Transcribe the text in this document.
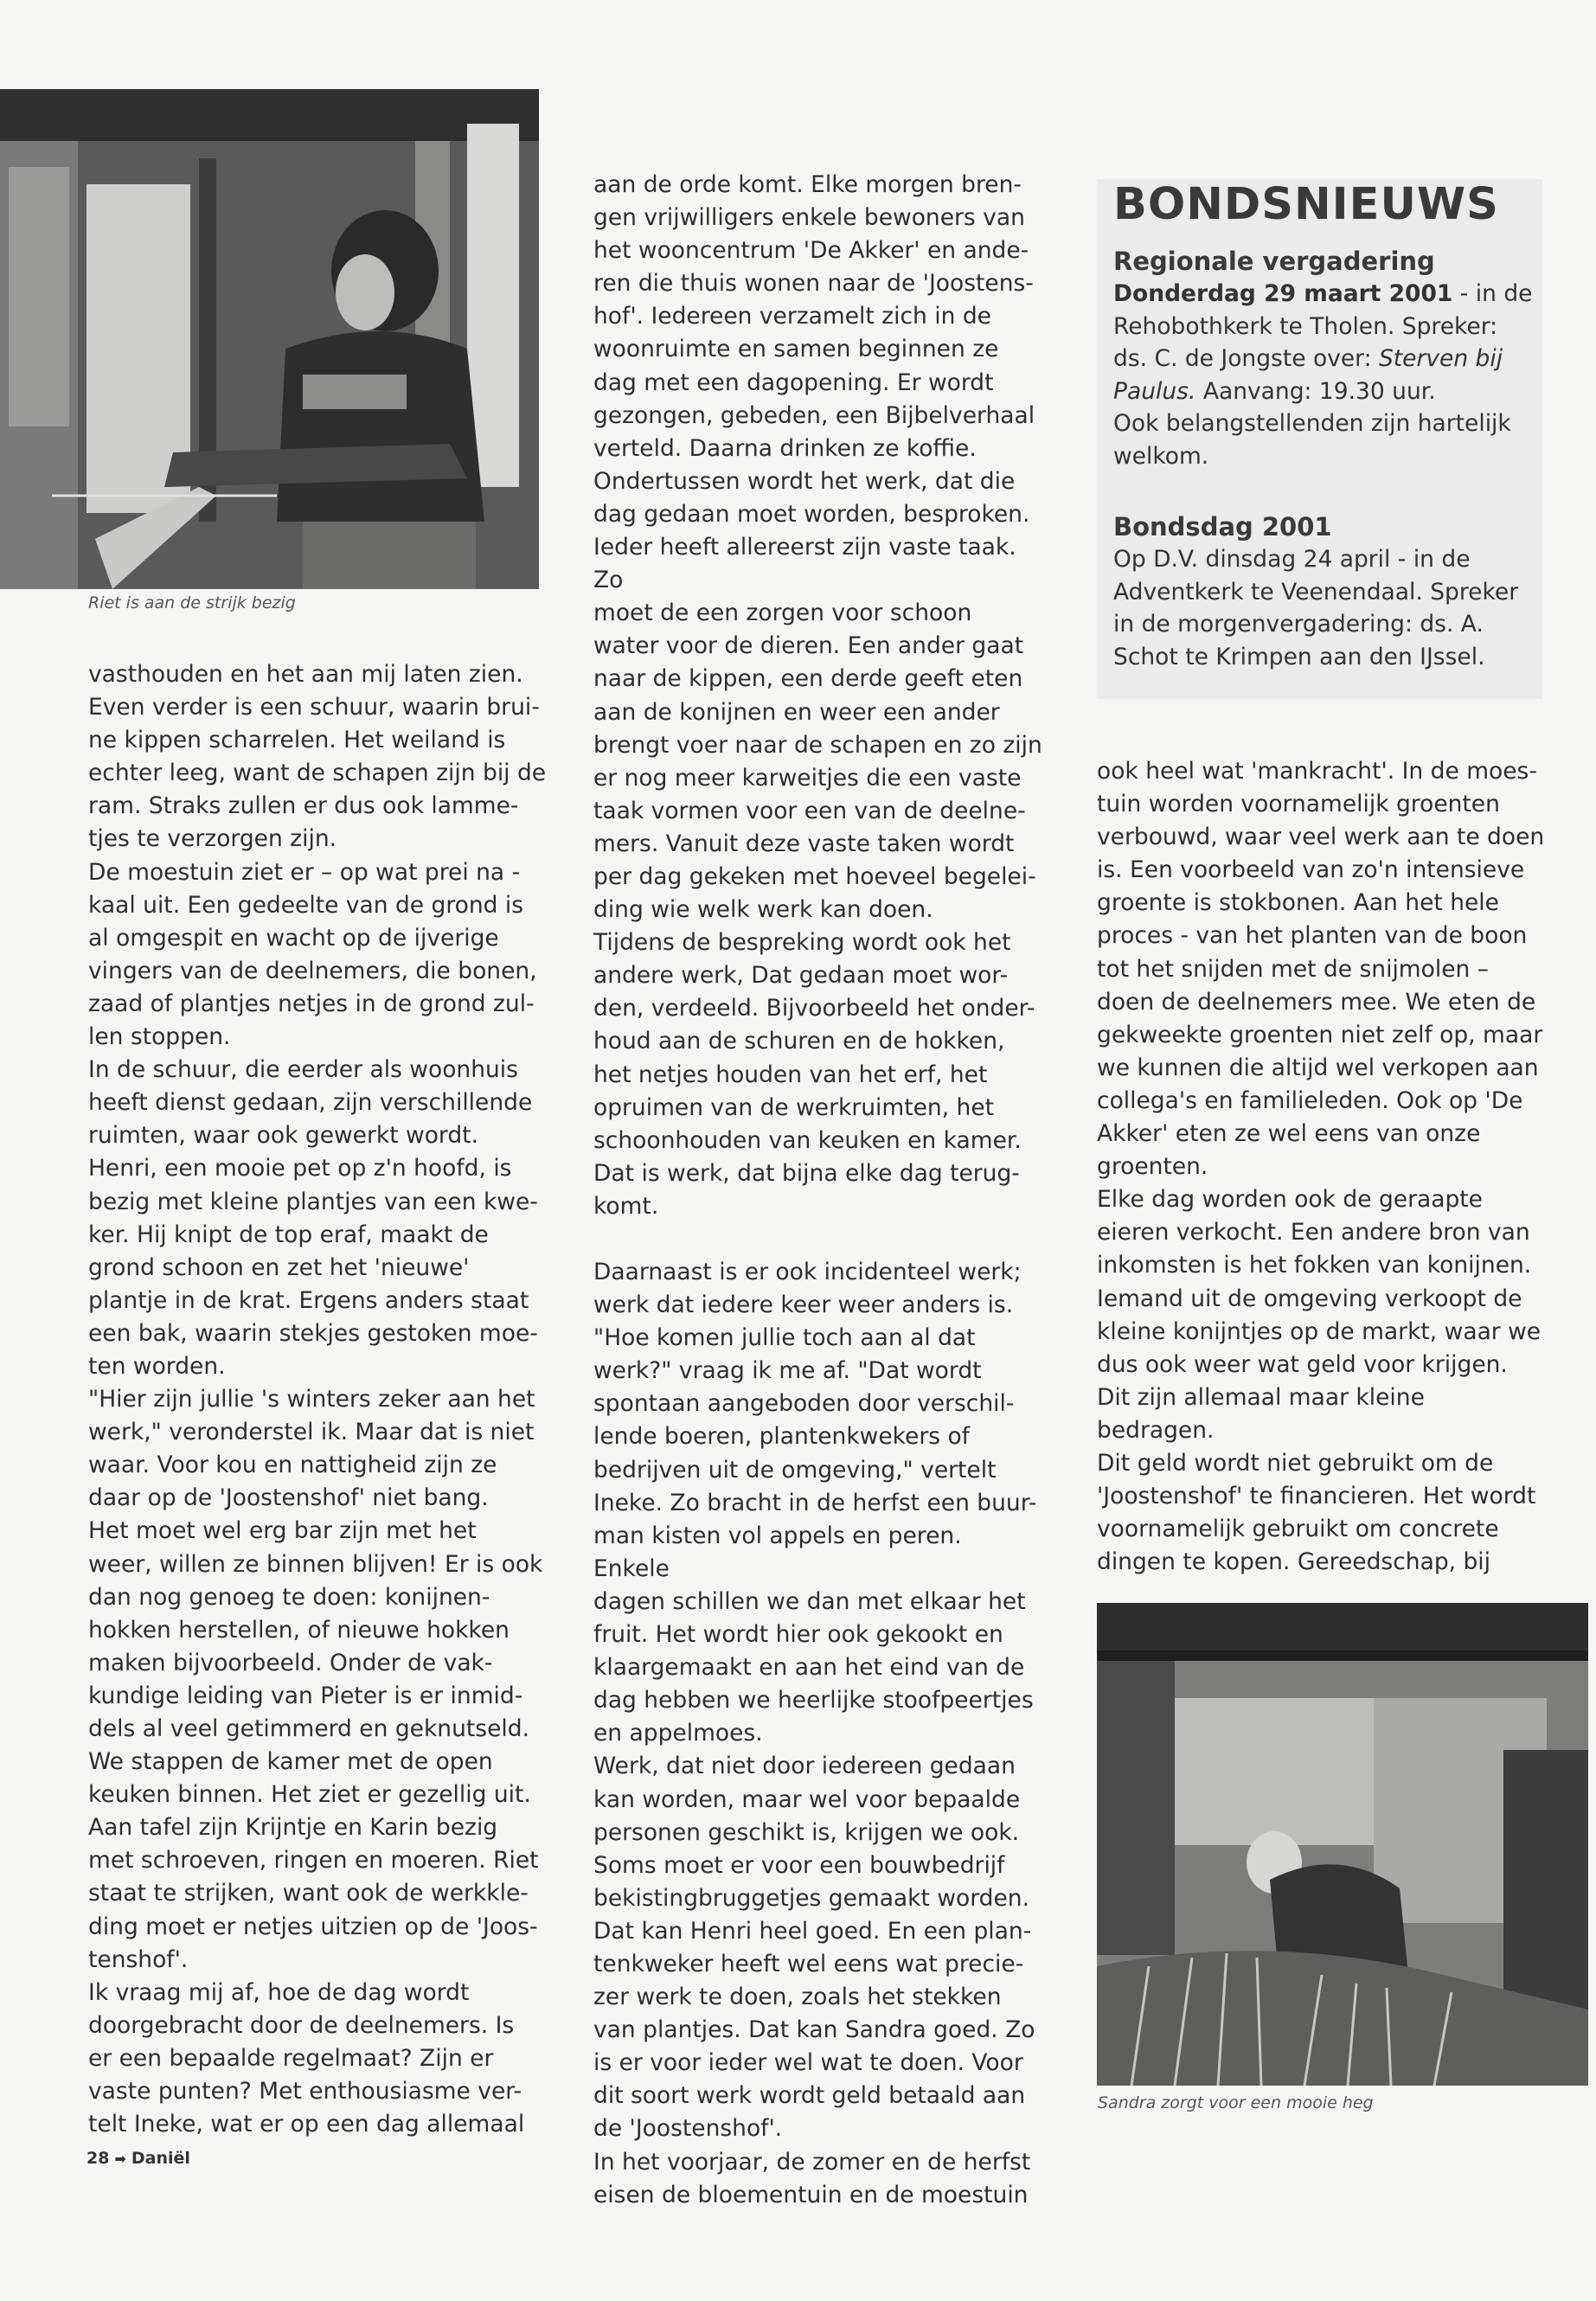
Riet is aan de strijk bezig

vasthouden en het aan mij laten zien.
Even verder is een schuur, waarin brui-
ne kippen scharrelen. Het weiland is
echter leeg, want de schapen zijn bij de
ram. Straks zullen er dus ook lamme-
tjes te verzorgen zijn.
De moestuin ziet er – op wat prei na -
kaal uit. Een gedeelte van de grond is
al omgespit en wacht op de ijverige
vingers van de deelnemers, die bonen,
zaad of plantjes netjes in de grond zul-
len stoppen.
In de schuur, die eerder als woonhuis
heeft dienst gedaan, zijn verschillende
ruimten, waar ook gewerkt wordt.
Henri, een mooie pet op z'n hoofd, is
bezig met kleine plantjes van een kwe-
ker. Hij knipt de top eraf, maakt de
grond schoon en zet het 'nieuwe'
plantje in de krat. Ergens anders staat
een bak, waarin stekjes gestoken moe-
ten worden.
"Hier zijn jullie 's winters zeker aan het
werk," veronderstel ik. Maar dat is niet
waar. Voor kou en nattigheid zijn ze
daar op de 'Joostenshof' niet bang.
Het moet wel erg bar zijn met het
weer, willen ze binnen blijven! Er is ook
dan nog genoeg te doen: konijnen-
hokken herstellen, of nieuwe hokken
maken bijvoorbeeld. Onder de vak-
kundige leiding van Pieter is er inmid-
dels al veel getimmerd en geknutseld.
We stappen de kamer met de open
keuken binnen. Het ziet er gezellig uit.
Aan tafel zijn Krijntje en Karin bezig
met schroeven, ringen en moeren. Riet
staat te strijken, want ook de werkkle-
ding moet er netjes uitzien op de 'Joos-
tenshof'.
Ik vraag mij af, hoe de dag wordt
doorgebracht door de deelnemers. Is
er een bepaalde regelmaat? Zijn er
vaste punten? Met enthousiasme ver-
telt Ineke, wat er op een dag allemaal

aan de orde komt. Elke morgen bren-
gen vrijwilligers enkele bewoners van
het wooncentrum 'De Akker' en ande-
ren die thuis wonen naar de 'Joostens-
hof'. Iedereen verzamelt zich in de
woonruimte en samen beginnen ze
dag met een dagopening. Er wordt
gezongen, gebeden, een Bijbelverhaal
verteld. Daarna drinken ze koffie.
Ondertussen wordt het werk, dat die
dag gedaan moet worden, besproken.
Ieder heeft allereerst zijn vaste taak. Zo
moet de een zorgen voor schoon
water voor de dieren. Een ander gaat
naar de kippen, een derde geeft eten
aan de konijnen en weer een ander
brengt voer naar de schapen en zo zijn
er nog meer karweitjes die een vaste
taak vormen voor een van de deelne-
mers. Vanuit deze vaste taken wordt
per dag gekeken met hoeveel begelei-
ding wie welk werk kan doen.
Tijdens de bespreking wordt ook het
andere werk, Dat gedaan moet wor-
den, verdeeld. Bijvoorbeeld het onder-
houd aan de schuren en de hokken,
het netjes houden van het erf, het
opruimen van de werkruimten, het
schoonhouden van keuken en kamer.
Dat is werk, dat bijna elke dag terug-
komt.

Daarnaast is er ook incidenteel werk;
werk dat iedere keer weer anders is.
"Hoe komen jullie toch aan al dat
werk?" vraag ik me af. "Dat wordt
spontaan aangeboden door verschil-
lende boeren, plantenkwekers of
bedrijven uit de omgeving," vertelt
Ineke. Zo bracht in de herfst een buur-
man kisten vol appels en peren. Enkele
dagen schillen we dan met elkaar het
fruit. Het wordt hier ook gekookt en
klaargemaakt en aan het eind van de
dag hebben we heerlijke stoofpeertjes
en appelmoes.
Werk, dat niet door iedereen gedaan
kan worden, maar wel voor bepaalde
personen geschikt is, krijgen we ook.
Soms moet er voor een bouwbedrijf
bekistingbruggetjes gemaakt worden.
Dat kan Henri heel goed. En een plan-
tenkweker heeft wel eens wat precie-
zer werk te doen, zoals het stekken
van plantjes. Dat kan Sandra goed. Zo
is er voor ieder wel wat te doen. Voor
dit soort werk wordt geld betaald aan
de 'Joostenshof'.
In het voorjaar, de zomer en de herfst
eisen de bloementuin en de moestuin

BONDSNIEUWS
Regionale vergadering

Donderdag 29 maart 2001 - in de
Rehobothkerk te Tholen. Spreker:
ds. C. de Jongste over: Sterven bij
Paulus. Aanvang: 19.30 uur.
Ook belangstellenden zijn hartelijk
welkom.

Bondsdag 2001

Op D.V. dinsdag 24 april - in de
Adventkerk te Veenendaal. Spreker
in de morgenvergadering: ds. A.
Schot te Krimpen aan den IJssel.

ook heel wat 'mankracht'. In de moes-
tuin worden voornamelijk groenten
verbouwd, waar veel werk aan te doen
is. Een voorbeeld van zo'n intensieve
groente is stokbonen. Aan het hele
proces - van het planten van de boon
tot het snijden met de snijmolen –
doen de deelnemers mee. We eten de
gekweekte groenten niet zelf op, maar
we kunnen die altijd wel verkopen aan
collega's en familieleden. Ook op 'De
Akker' eten ze wel eens van onze
groenten.
Elke dag worden ook de geraapte
eieren verkocht. Een andere bron van
inkomsten is het fokken van konijnen.
Iemand uit de omgeving verkoopt de
kleine konijntjes op de markt, waar we
dus ook weer wat geld voor krijgen.
Dit zijn allemaal maar kleine bedragen.
Dit geld wordt niet gebruikt om de
'Joostenshof' te financieren. Het wordt
voornamelijk gebruikt om concrete
dingen te kopen. Gereedschap, bij

Sandra zorgt voor een mooie heg
28 ➡ Daniël
